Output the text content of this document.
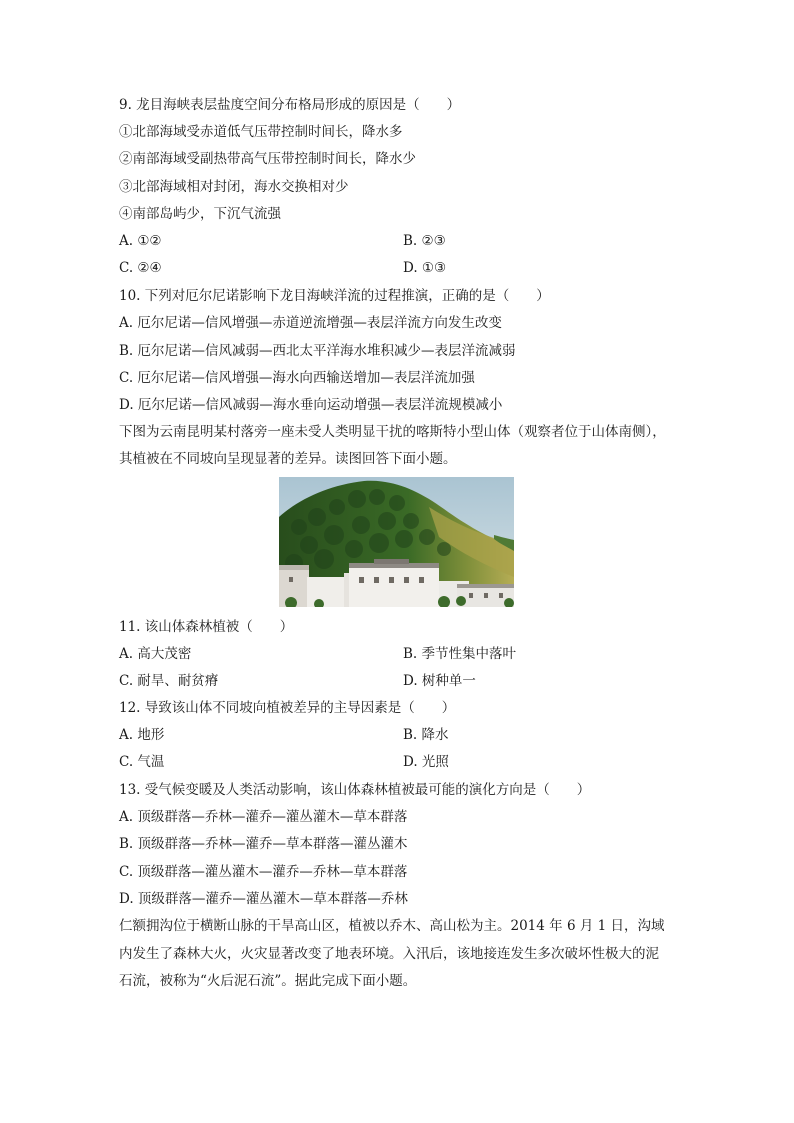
9. 龙目海峡表层盐度空间分布格局形成的原因是（　　）
①北部海域受赤道低气压带控制时间长，降水多
②南部海域受副热带高气压带控制时间长，降水少
③北部海域相对封闭，海水交换相对少
④南部岛屿少，下沉气流强
A. ①②	B. ②③
C. ②④	D. ①③
10. 下列对厄尔尼诺影响下龙目海峡洋流的过程推演，正确的是（　　）
A. 厄尔尼诺—信风增强—赤道逆流增强—表层洋流方向发生改变
B. 厄尔尼诺—信风减弱—西北太平洋海水堆积减少—表层洋流减弱
C. 厄尔尼诺—信风增强—海水向西输送增加—表层洋流加强
D. 厄尔尼诺—信风减弱—海水垂向运动增强—表层洋流规模减小
下图为云南昆明某村落旁一座未受人类明显干扰的喀斯特小型山体（观察者位于山体南侧），
其植被在不同坡向呈现显著的差异。读图回答下面小题。
11. 该山体森林植被（　　）
A. 高大茂密	B. 季节性集中落叶
C. 耐旱、耐贫瘠	D. 树种单一
12. 导致该山体不同坡向植被差异的主导因素是（　　）
A. 地形	B. 降水
C. 气温	D. 光照
13. 受气候变暖及人类活动影响，该山体森林植被最可能的演化方向是（　　）
A. 顶级群落—乔林—灌乔—灌丛灌木—草本群落
B. 顶级群落—乔林—灌乔—草本群落—灌丛灌木
C. 顶级群落—灌丛灌木—灌乔—乔林—草本群落
D. 顶级群落—灌乔—灌丛灌木—草本群落—乔林
仁额拥沟位于横断山脉的干旱高山区，植被以乔木、高山松为主。2014 年 6 月 1 日，沟域
内发生了森林大火，火灾显著改变了地表环境。入汛后，该地接连发生多次破坏性极大的泥
石流，被称为“火后泥石流”。据此完成下面小题。
